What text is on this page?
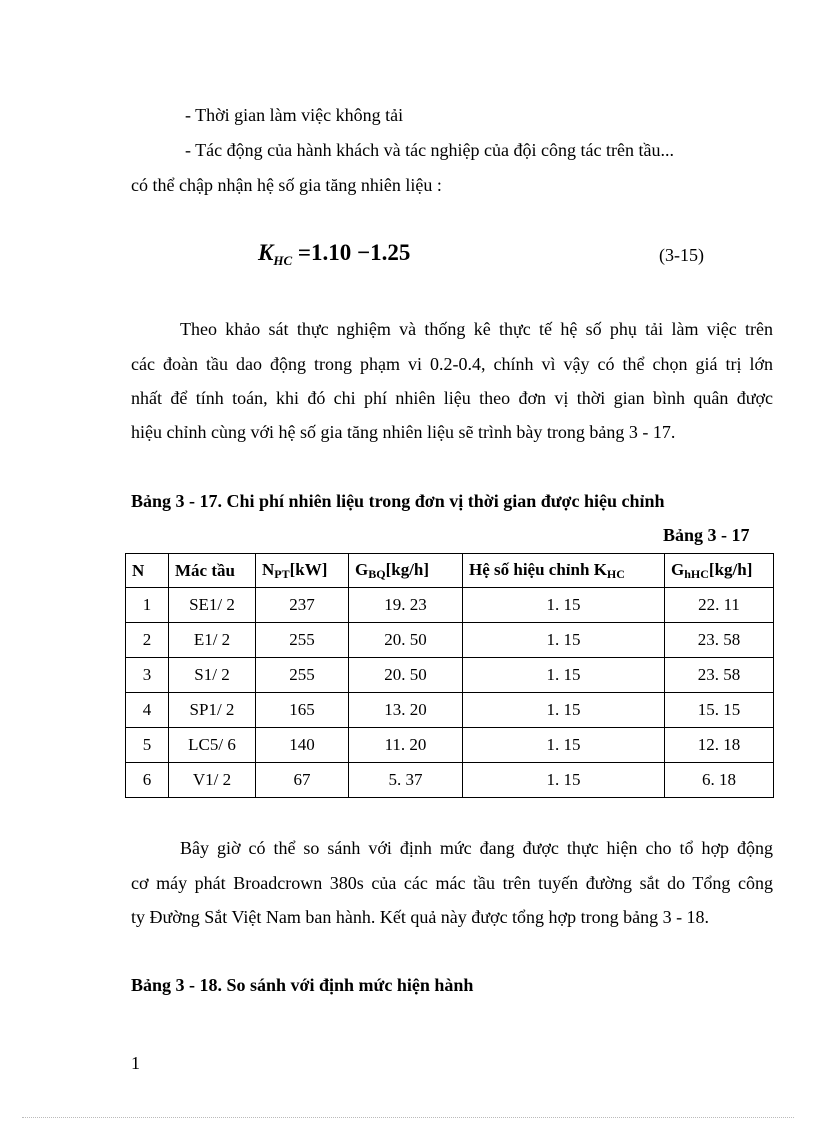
- Thời gian làm việc không tải
- Tác động của hành khách và tác nghiệp của đội công tác trên tầu...
có thể chập nhận hệ số gia tăng nhiên liệu :
$K_{HC} =1.10 -1.25$	(3-15)
Theo khảo sát thực nghiệm và thống kê thực tế hệ số phụ tải làm việc trên
các đoàn tầu dao động trong phạm vi 0.2-0.4, chính vì vậy có thể chọn giá trị lớn
nhất để tính toán, khi đó chi phí nhiên liệu theo đơn vị thời gian bình quân được
hiệu chỉnh cùng với hệ số gia tăng nhiên liệu sẽ trình bày trong bảng 3 - 17.
Bảng 3 - 17. Chi phí nhiên liệu trong đơn vị thời gian được hiệu chỉnh
Bảng 3 - 17
N	Mác tầu	$N_{PT}[kW]$	$G_{BQ}[kg/h]$	Hệ số hiệu chỉnh $K_{HC}$	$G_{hHC}[kg/h]$
1	SE1/ 2	237	19. 23	1. 15	22. 11
2	E1/ 2	255	20. 50	1. 15	23. 58
3	S1/ 2	255	20. 50	1. 15	23. 58
4	SP1/ 2	165	13. 20	1. 15	15. 15
5	LC5/ 6	140	11. 20	1. 15	12. 18
6	V1/ 2	67	5. 37	1. 15	6. 18
Bây giờ có thể so sánh với định mức đang được thực hiện cho tổ hợp động
cơ máy phát Broadcrown 380s của các mác tầu trên tuyến đường sắt do Tổng công
ty Đường Sắt Việt Nam ban hành. Kết quả này được tổng hợp trong bảng 3 - 18.
Bảng 3 - 18. So sánh với định mức hiện hành
1
